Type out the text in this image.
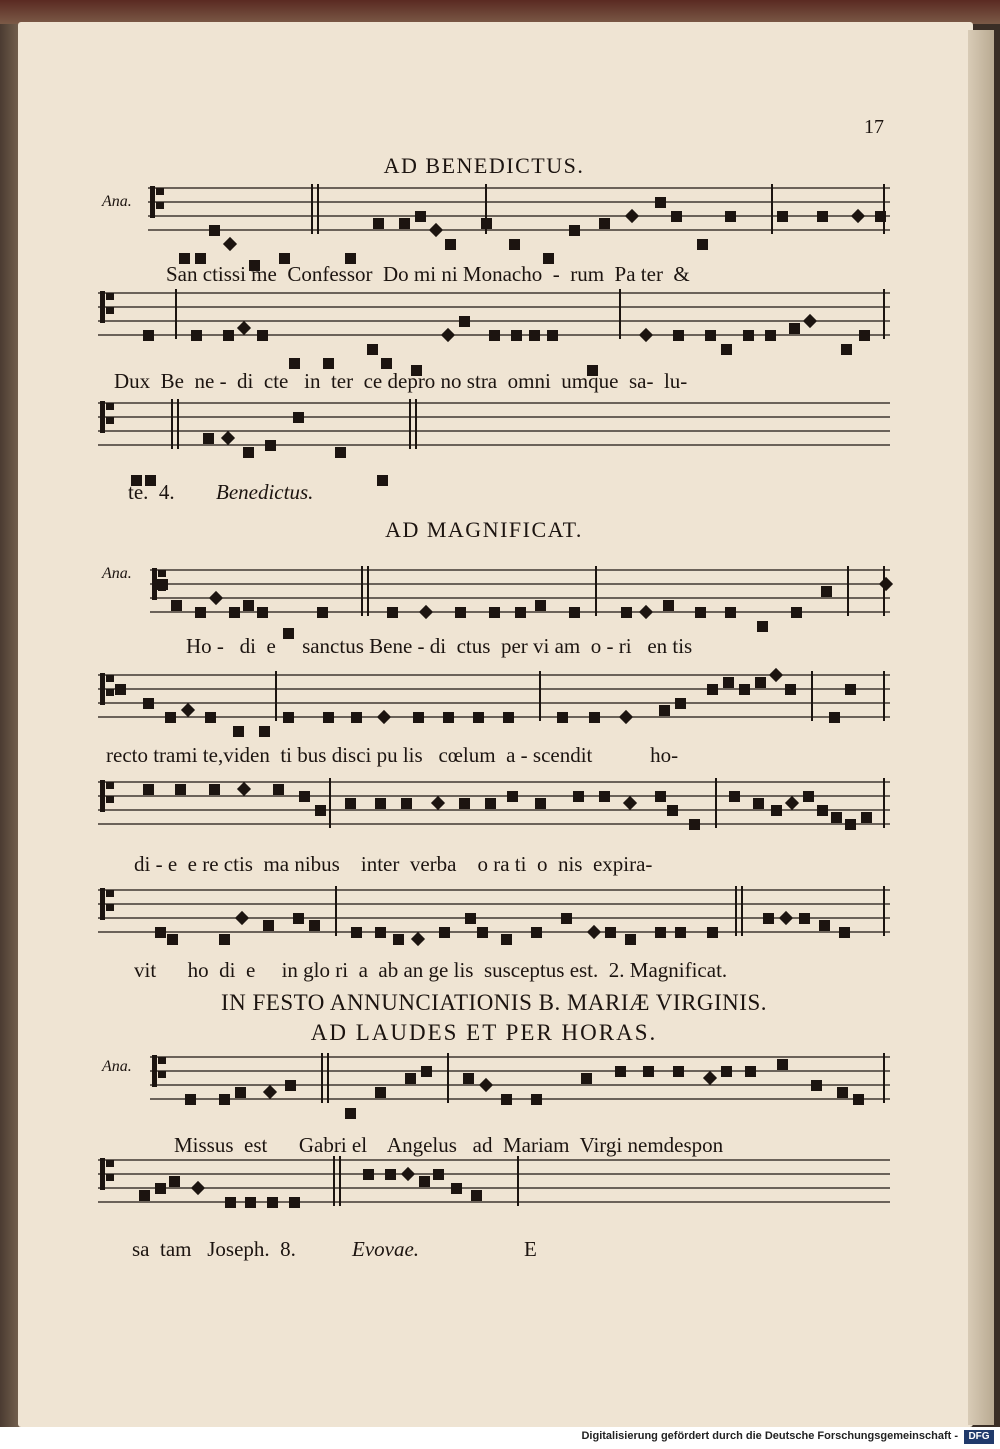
17
AD BENEDICTUS.
AD MAGNIFICAT.
IN FESTO ANNUNCIATIONIS B. MARIÆ VIRGINIS.
AD LAUDES ET PER HORAS.
Ana.
Ana.
Ana.
San ctissi me  Confessor  Do mi ni Monacho  -  rum  Pa ter  &
Dux  Be  ne -  di  cte   in  ter  ce depro no stra  omni  umque  sa-  lu-
te.  4. Benedictus.
Ho -   di  e     sanctus Bene - di  ctus  per vi am  o - ri   en tis
recto trami te,viden  ti bus disci pu lis   cœlum  a - scendit           ho-
di - e  e re ctis  ma nibus    inter  verba    o ra ti  o  nis  expira-
vit      ho  di  e     in glo ri  a  ab an ge lis  susceptus est.  2. Magnificat.
Missus  est      Gabri el    Angelus   ad  Mariam  Virgi nemdespon
sa  tam   Joseph.  8.	Evovae.	E
Digitalisierung gefördert durch die Deutsche Forschungsgemeinschaft -	DFG
